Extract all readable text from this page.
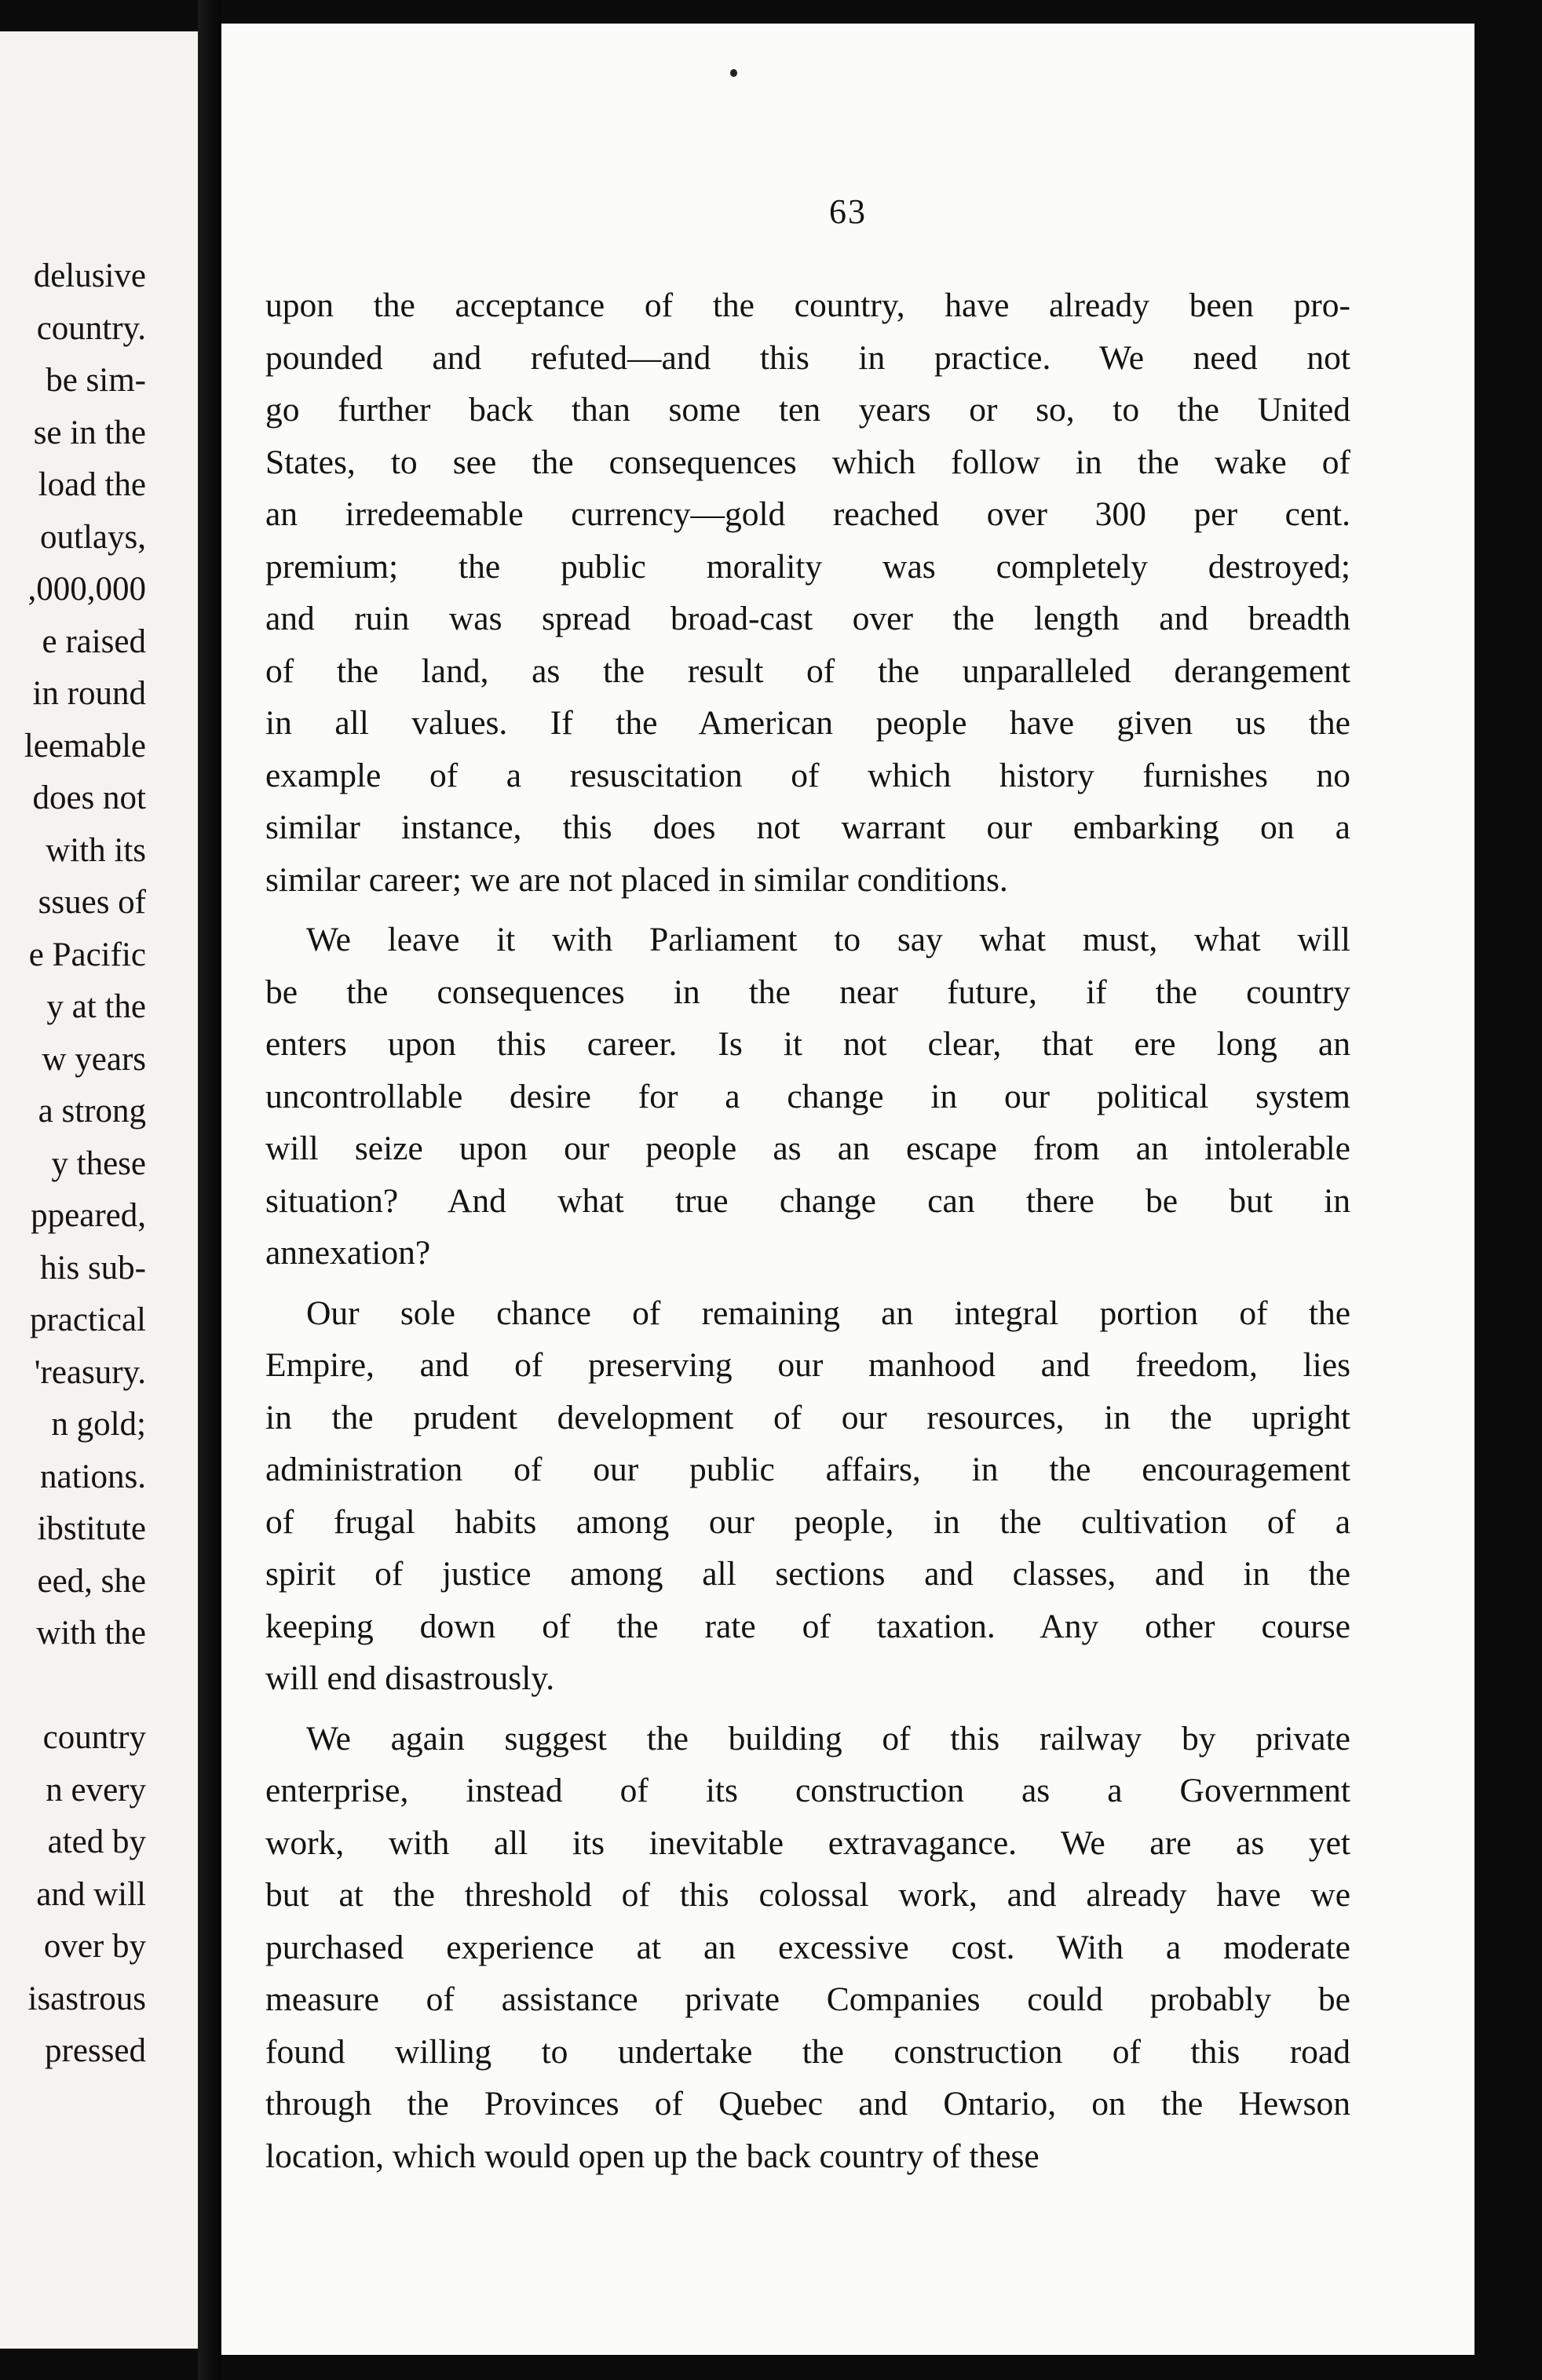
delusive
country.
be sim-
se in the
load the
outlays,
,000,000
e raised
in round
leemable
does not
with its
ssues of
e Pacific
y at the
w years
a strong
y these
ppeared,
his sub-
practical
'reasury.
n gold;
nations.
ibstitute
eed, she
with the
country
n every
ated by
and will
over by
isastrous
pressed
63
upon the acceptance of the country, have already been pro-
pounded and refuted—and this in practice. We need not
go further back than some ten years or so, to the United
States, to see the consequences which follow in the wake of
an irredeemable currency—gold reached over 300 per cent.
premium; the public morality was completely destroyed;
and ruin was spread broad-cast over the length and breadth
of the land, as the result of the unparalleled derangement
in all values. If the American people have given us the
example of a resuscitation of which history furnishes no
similar instance, this does not warrant our embarking on a
similar career; we are not placed in similar conditions.
We leave it with Parliament to say what must, what will
be the consequences in the near future, if the country
enters upon this career. Is it not clear, that ere long an
uncontrollable desire for a change in our political system
will seize upon our people as an escape from an intolerable
situation? And what true change can there be but in
annexation?
Our sole chance of remaining an integral portion of the
Empire, and of preserving our manhood and freedom, lies
in the prudent development of our resources, in the upright
administration of our public affairs, in the encouragement
of frugal habits among our people, in the cultivation of a
spirit of justice among all sections and classes, and in the
keeping down of the rate of taxation. Any other course
will end disastrously.
We again suggest the building of this railway by private
enterprise, instead of its construction as a Government
work, with all its inevitable extravagance. We are as yet
but at the threshold of this colossal work, and already have we
purchased experience at an excessive cost. With a moderate
measure of assistance private Companies could probably be
found willing to undertake the construction of this road
through the Provinces of Quebec and Ontario, on the Hewson
location, which would open up the back country of these
